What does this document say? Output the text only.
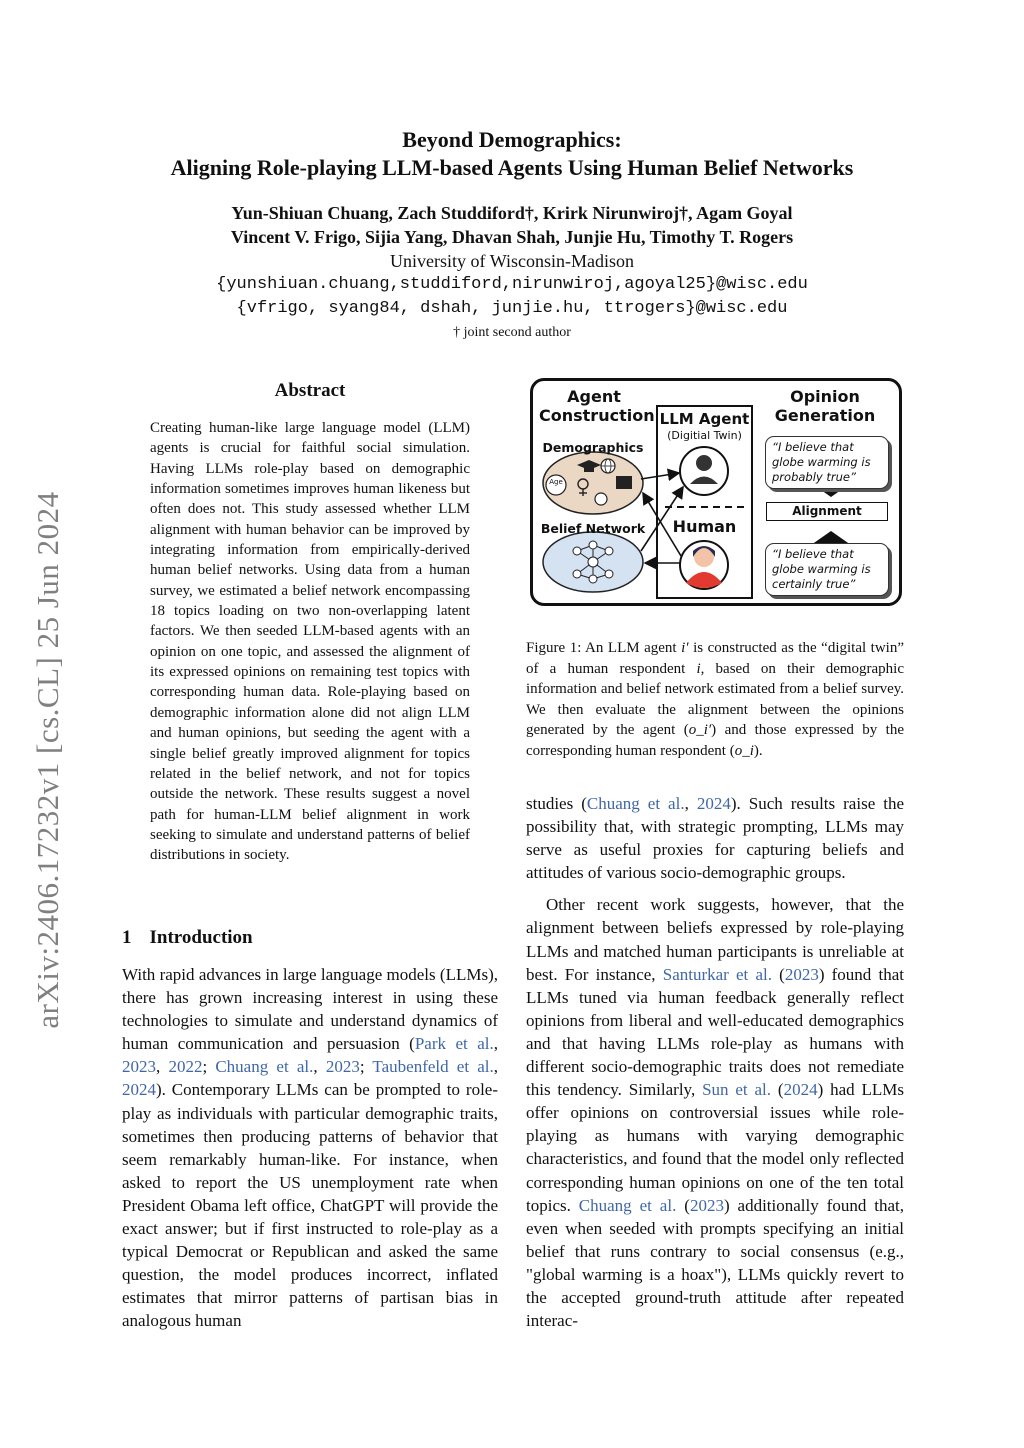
arXiv:2406.17232v1 [cs.CL] 25 Jun 2024
Beyond Demographics:
Aligning Role-playing LLM-based Agents Using Human Belief Networks
Yun-Shiuan Chuang, Zach Studdiford†, Krirk Nirunwiroj†, Agam Goyal
Vincent V. Frigo, Sijia Yang, Dhavan Shah, Junjie Hu, Timothy T. Rogers
University of Wisconsin-Madison
{yunshiuan.chuang,studdiford,nirunwiroj,agoyal25}@wisc.edu
{vfrigo, syang84, dshah, junjie.hu, ttrogers}@wisc.edu
† joint second author
Abstract

Creating human-like large language model (LLM) agents is crucial for faithful social simulation. Having LLMs role-play based on demographic information sometimes improves human likeness but often does not. This study assessed whether LLM alignment with human behavior can be improved by integrating information from empirically-derived human belief networks. Using data from a human survey, we estimated a belief network encompassing 18 topics loading on two non-overlapping latent factors. We then seeded LLM-based agents with an opinion on one topic, and assessed the alignment of its expressed opinions on remaining test topics with corresponding human data. Role-playing based on demographic information alone did not align LLM and human opinions, but seeding the agent with a single belief greatly improved alignment for topics related in the belief network, and not for topics outside the network. These results suggest a novel path for human-LLM belief alignment in work seeking to simulate and understand patterns of belief distributions in society.

1 Introduction

With rapid advances in large language models (LLMs), there has grown increasing interest in using these technologies to simulate and understand dynamics of human communication and persuasion (Park et al., 2023, 2022; Chuang et al., 2023; Taubenfeld et al., 2024). Contemporary LLMs can be prompted to role-play as individuals with particular demographic traits, sometimes then producing patterns of behavior that seem remarkably human-like. For instance, when asked to report the US unemployment rate when President Obama left office, ChatGPT will provide the exact answer; but if first instructed to role-play as a typical Democrat or Republican and asked the same question, the model produces incorrect, inflated estimates that mirror patterns of partisan bias in analogous human

Agent Construction
Demographics
Age
Belief Network
LLM Agent
(Digitial Twin)
Human
Opinion Generation
“I believe that globe warming is probably true”
Alignment
“I believe that globe warming is certainly true”
Figure 1: An LLM agent i′ is constructed as the “digital twin” of a human respondent i, based on their demographic information and belief network estimated from a belief survey. We then evaluate the alignment between the opinions generated by the agent (o_i′) and those expressed by the corresponding human respondent (o_i).

studies (Chuang et al., 2024). Such results raise the possibility that, with strategic prompting, LLMs may serve as useful proxies for capturing beliefs and attitudes of various socio-demographic groups.

Other recent work suggests, however, that the alignment between beliefs expressed by role-playing LLMs and matched human participants is unreliable at best. For instance, Santurkar et al. (2023) found that LLMs tuned via human feedback generally reflect opinions from liberal and well-educated demographics and that having LLMs role-play as humans with different socio-demographic traits does not remediate this tendency. Similarly, Sun et al. (2024) had LLMs offer opinions on controversial issues while role-playing as humans with varying demographic characteristics, and found that the model only reflected corresponding human opinions on one of the ten total topics. Chuang et al. (2023) additionally found that, even when seeded with prompts specifying an initial belief that runs contrary to social consensus (e.g., "global warming is a hoax"), LLMs quickly revert to the accepted ground-truth attitude after repeated interac-
